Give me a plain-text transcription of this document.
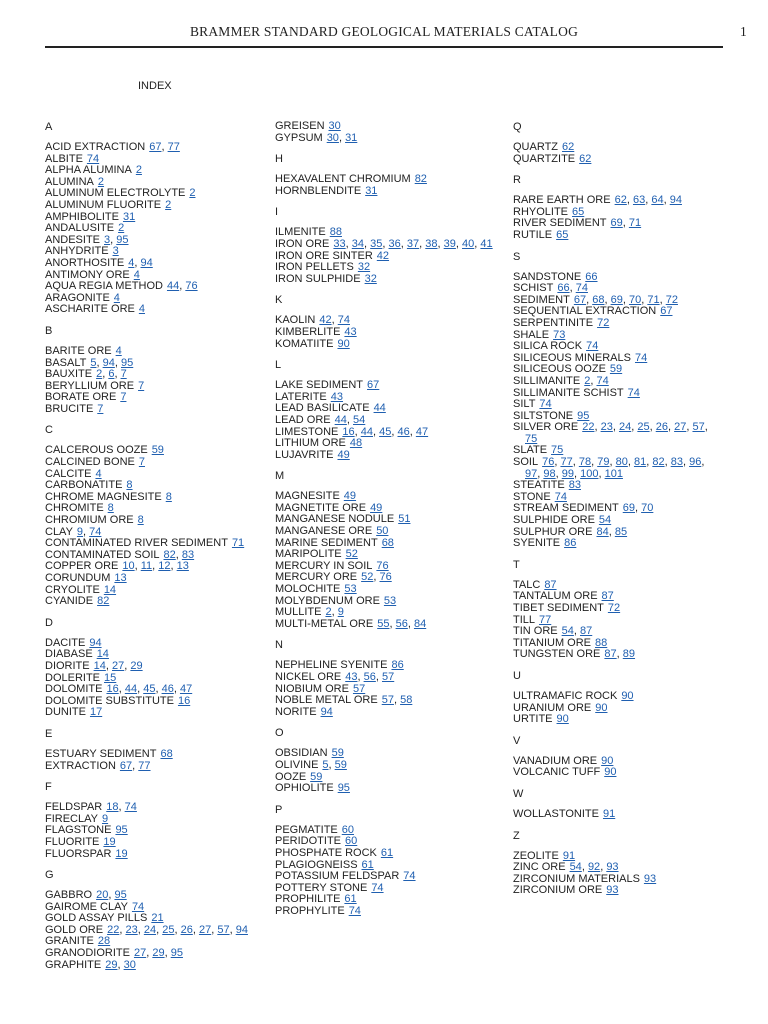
BRAMMER STANDARD GEOLOGICAL MATERIALS CATALOG	1
INDEX
A
ACID EXTRACTION 67, 77
ALBITE 74
ALPHA ALUMINA 2
ALUMINA 2
ALUMINUM ELECTROLYTE 2
ALUMINUM FLUORITE 2
AMPHIBOLITE 31
ANDALUSITE 2
ANDESITE 3, 95
ANHYDRITE 3
ANORTHOSITE 4, 94
ANTIMONY ORE 4
AQUA REGIA METHOD 44, 76
ARAGONITE 4
ASCHARITE ORE 4
B
BARITE ORE 4
BASALT 5, 94, 95
BAUXITE 2, 6, 7
BERYLLIUM ORE 7
BORATE ORE 7
BRUCITE 7
C
CALCEROUS OOZE 59
CALCINED BONE 7
CALCITE 4
CARBONATITE 8
CHROME MAGNESITE 8
CHROMITE 8
CHROMIUM ORE 8
CLAY 9, 74
CONTAMINATED RIVER SEDIMENT 71
CONTAMINATED SOIL 82, 83
COPPER ORE 10, 11, 12, 13
CORUNDUM 13
CRYOLITE 14
CYANIDE 82
D
DACITE 94
DIABASE 14
DIORITE 14, 27, 29
DOLERITE 15
DOLOMITE 16, 44, 45, 46, 47
DOLOMITE SUBSTITUTE 16
DUNITE 17
E
ESTUARY SEDIMENT 68
EXTRACTION 67, 77
F
FELDSPAR 18, 74
FIRECLAY 9
FLAGSTONE 95
FLUORITE 19
FLUORSPAR 19
G
GABBRO 20, 95
GAIROME CLAY 74
GOLD ASSAY PILLS 21
GOLD ORE 22, 23, 24, 25, 26, 27, 57, 94
GRANITE 28
GRANODIORITE 27, 29, 95
GRAPHITE 29, 30
GREISEN 30
GYPSUM 30, 31
H
HEXAVALENT CHROMIUM 82
HORNBLENDITE 31
I
ILMENITE 88
IRON ORE 33, 34, 35, 36, 37, 38, 39, 40, 41
IRON ORE SINTER 42
IRON PELLETS 32
IRON SULPHIDE 32
K
KAOLIN 42, 74
KIMBERLITE 43
KOMATIITE 90
L
LAKE SEDIMENT 67
LATERITE 43
LEAD BASILICATE 44
LEAD ORE 44, 54
LIMESTONE 16, 44, 45, 46, 47
LITHIUM ORE 48
LUJAVRITE 49
M
MAGNESITE 49
MAGNETITE ORE 49
MANGANESE NODULE 51
MANGANESE ORE 50
MARINE SEDIMENT 68
MARIPOLITE 52
MERCURY IN SOIL 76
MERCURY ORE 52, 76
MOLOCHITE 53
MOLYBDENUM ORE 53
MULLITE 2, 9
MULTI-METAL ORE 55, 56, 84
N
NEPHELINE SYENITE 86
NICKEL ORE 43, 56, 57
NIOBIUM ORE 57
NOBLE METAL ORE 57, 58
NORITE 94
O
OBSIDIAN 59
OLIVINE 5, 59
OOZE 59
OPHIOLITE 95
P
PEGMATITE 60
PERIDOTITE 60
PHOSPHATE ROCK 61
PLAGIOGNEISS 61
POTASSIUM FELDSPAR 74
POTTERY STONE 74
PROPHILITE 61
PROPHYLITE 74
Q
QUARTZ 62
QUARTZITE 62
R
RARE EARTH ORE 62, 63, 64, 94
RHYOLITE 65
RIVER SEDIMENT 69, 71
RUTILE 65
S
SANDSTONE 66
SCHIST 66, 74
SEDIMENT 67, 68, 69, 70, 71, 72
SEQUENTIAL EXTRACTION 67
SERPENTINITE 72
SHALE 73
SILICA ROCK 74
SILICEOUS MINERALS 74
SILICEOUS OOZE 59
SILLIMANITE 2, 74
SILLIMANITE SCHIST 74
SILT 74
SILTSTONE 95
SILVER ORE 22, 23, 24, 25, 26, 27, 57,
75
SLATE 75
SOIL 76, 77, 78, 79, 80, 81, 82, 83, 96,
97, 98, 99, 100, 101
STEATITE 83
STONE 74
STREAM SEDIMENT 69, 70
SULPHIDE ORE 54
SULPHUR ORE 84, 85
SYENITE 86
T
TALC 87
TANTALUM ORE 87
TIBET SEDIMENT 72
TILL 77
TIN ORE 54, 87
TITANIUM ORE 88
TUNGSTEN ORE 87, 89
U
ULTRAMAFIC ROCK 90
URANIUM ORE 90
URTITE 90
V
VANADIUM ORE 90
VOLCANIC TUFF 90
W
WOLLASTONITE 91
Z
ZEOLITE 91
ZINC ORE 54, 92, 93
ZIRCONIUM MATERIALS 93
ZIRCONIUM ORE 93
